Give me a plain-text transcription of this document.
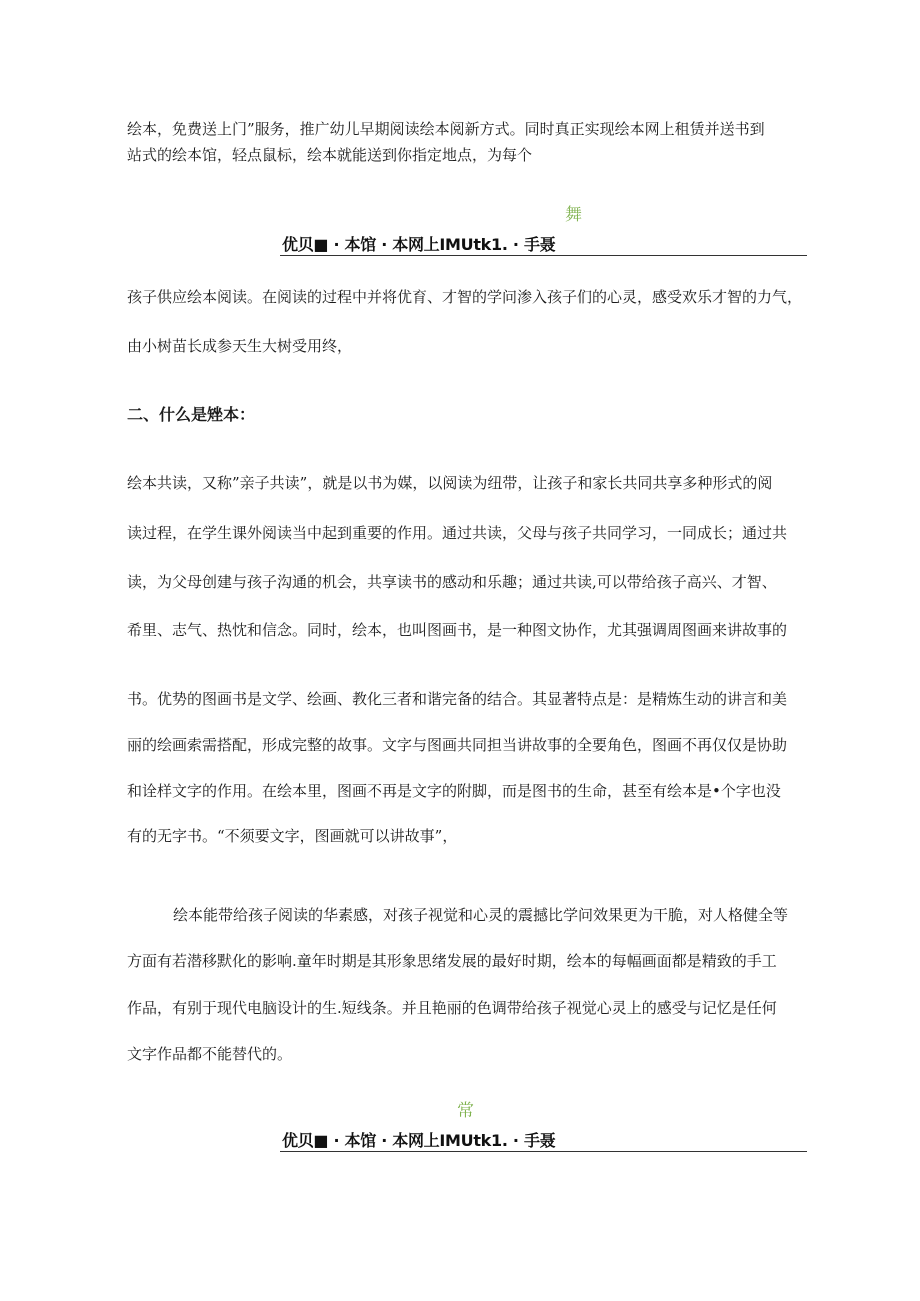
绘本，免费送上门”服务，推广幼儿早期阅读绘本阅新方式。同时真正实现绘本网上租赁并送书到
站式的绘本馆，轻点鼠标，绘本就能送到你指定地点，为每个
舞
优贝■ · 本馆 · 本网上IMUtk1. · 手聂
孩子供应绘本阅读。在阅读的过程中并将优育、才智的学问渗入孩子们的心灵，感受欢乐才智的力气，
由小树苗长成参天生大树受用终，
二、什么是矬本：
绘本共读，又称”亲子共读”，就是以书为媒，以阅读为纽带，让孩子和家长共同共享多种形式的阅
读过程，在学生课外阅读当中起到重要的作用。通过共读，父母与孩子共同学习，一同成长；通过共
读，为父母创建与孩子沟通的机会，共享读书的感动和乐趣；通过共读,可以带给孩子高兴、才智、
希里、志气、热忱和信念。同时，绘本，也叫图画书，是一种图文协作，尤其强调周图画来讲故事的
书。优势的图画书是文学、绘画、教化三者和谐完备的结合。其显著特点是：是精炼生动的讲言和美
丽的绘画索需搭配，形成完整的故事。文字与图画共同担当讲故事的全要角色，图画不再仅仅是协助
和诠样文字的作用。在绘本里，图画不再是文字的附脚，而是图书的生命，甚至有绘本是•个字也没
有的无字书。“不须要文字，图画就可以讲故事”，
绘本能带给孩子阅读的华素感，对孩子视觉和心灵的震撼比学问效果更为干脆，对人格健全等
方面有若潜移默化的影响.童年时期是其形象思绪发展的最好时期，绘本的每幅画面都是精致的手工
作品，有别于现代电脑设计的生.短线条。并且艳丽的色调带给孩子视觉心灵上的感受与记忆是任何
文字作品都不能替代的。
常
优贝■ · 本馆 · 本网上IMUtk1. · 手聂
